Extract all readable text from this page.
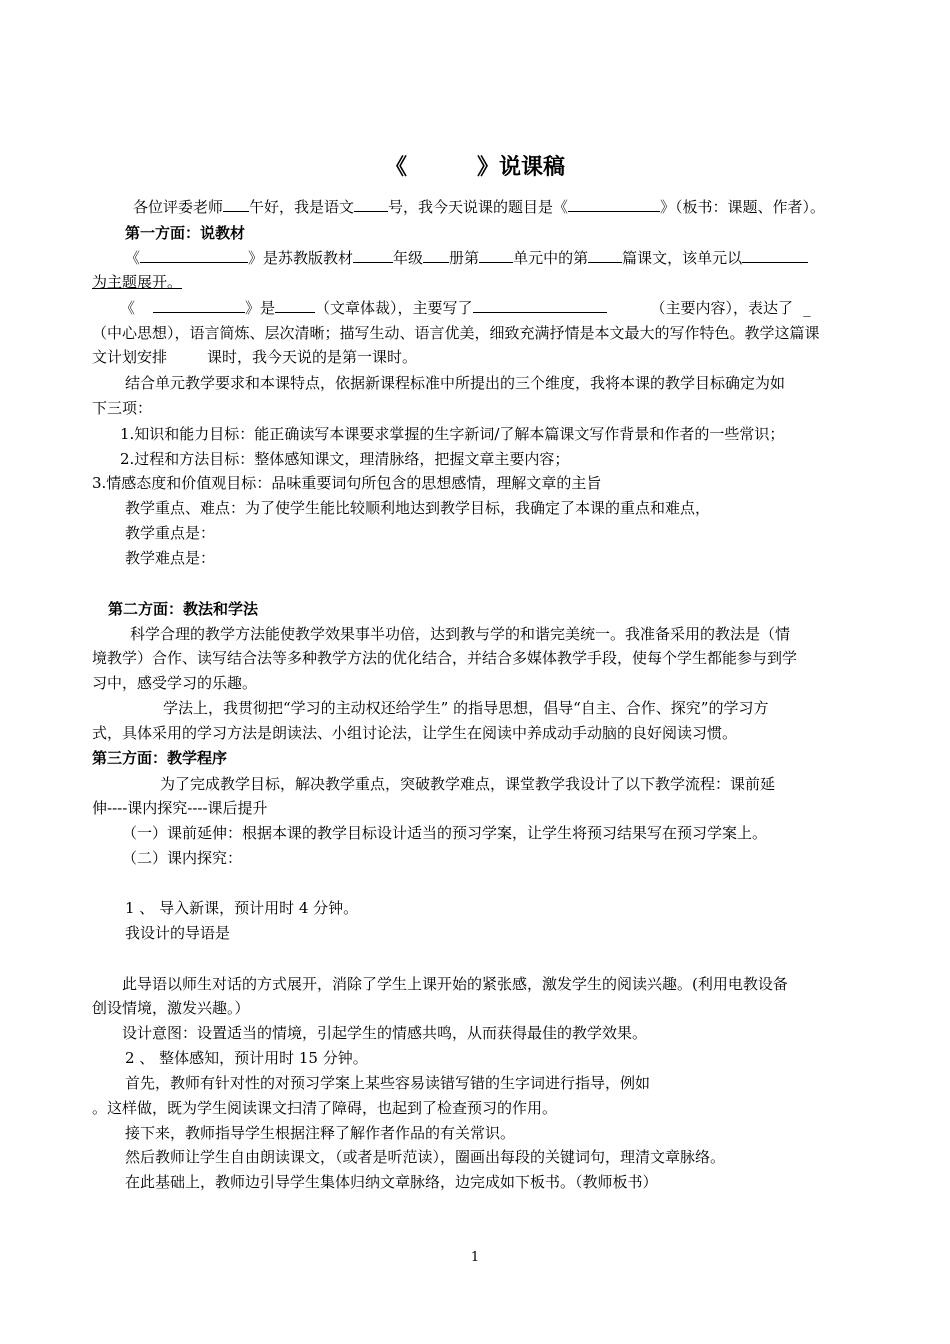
《	》说课稿

各位评委老师 午好，我是语文 号，我今天说课的题目是《	》（板书：课题、作者）。

第一方面：说教材

《	》是苏教版教材	年级 册第 单元中的第 篇课文，该单元以

为主题展开。

《	》是	（文章体裁），主要写了	（主要内容），表达了 _

（中心思想），语言简炼、层次清晰；描写生动、语言优美，细致充满抒情是本文最大的写作特色。教学这篇课

文计划安排	课时，我今天说的是第一课时。

结合单元教学要求和本课特点，依据新课程标准中所提出的三个维度，我将本课的教学目标确定为如

下三项：

1.知识和能力目标：能正确读写本课要求掌握的生字新词/了解本篇课文写作背景和作者的一些常识；

2.过程和方法目标：整体感知课文，理清脉络，把握文章主要内容；

3.情感态度和价值观目标：品味重要词句所包含的思想感情，理解文章的主旨

教学重点、难点：为了使学生能比较顺利地达到教学目标，我确定了本课的重点和难点，

教学重点是：

教学难点是：

第二方面：教法和学法

科学合理的教学方法能使教学效果事半功倍，达到教与学的和谐完美统一。我准备采用的教法是（情

境教学）合作、读写结合法等多种教学方法的优化结合，并结合多媒体教学手段，使每个学生都能参与到学

习中，感受学习的乐趣。

学法上，我贯彻把“学习的主动权还给学生” 的指导思想，倡导“自主、合作、探究”的学习方

式，具体采用的学习方法是朗读法、小组讨论法，让学生在阅读中养成动手动脑的良好阅读习惯。

第三方面：教学程序

为了完成教学目标，解决教学重点，突破教学难点，课堂教学我设计了以下教学流程：课前延

伸----课内探究----课后提升

（一）课前延伸：根据本课的教学目标设计适当的预习学案，让学生将预习结果写在预习学案上。

（二）课内探究：

1 、 导入新课，预计用时 4 分钟。

我设计的导语是

此导语以师生对话的方式展开，消除了学生上课开始的紧张感，激发学生的阅读兴趣。(利用电教设备

创设情境，激发兴趣。）

设计意图：设置适当的情境，引起学生的情感共鸣，从而获得最佳的教学效果。

2 、 整体感知，预计用时 15 分钟。

首先，教师有针对性的对预习学案上某些容易读错写错的生字词进行指导，例如

。这样做，既为学生阅读课文扫清了障碍，也起到了检查预习的作用。

接下来，教师指导学生根据注释了解作者作品的有关常识。

然后教师让学生自由朗读课文，（或者是听范读），圈画出每段的关键词句，理清文章脉络。

在此基础上，教师边引导学生集体归纳文章脉络，边完成如下板书。（教师板书）

1
